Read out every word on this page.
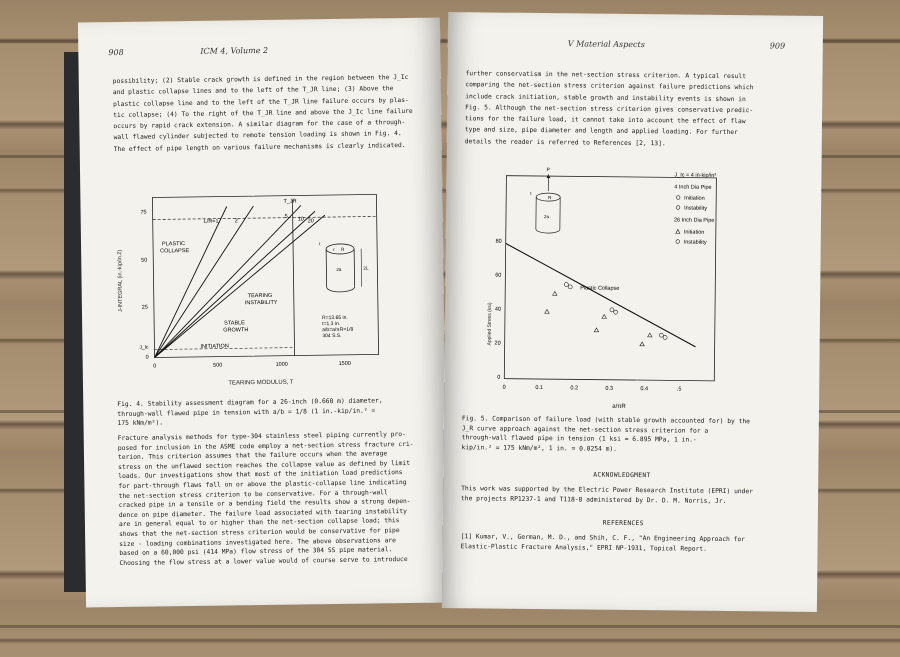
908	ICM 4, Volume 2
possibility; (2) Stable crack growth is defined in the region between the J_Ic
and plastic collapse lines and to the left of the T_JR line; (3) Above the
plastic collapse line and to the left of the T_JR line failure occurs by plas-
tic collapse; (4) To the right of the T_JR line and above the J_Ic line failure
occurs by rapid crack extension. A similar diagram for the case of a through-
wall flawed cylinder subjected to remote tension loading is shown in Fig. 4.
The effect of pipe length on various failure mechanisms is clearly indicated.
J-INTEGRAL (in.-kip/in.2)
TEARING MODULUS, T
75
50
25
J_Ic
0
0	500	1000	1500
T_JR
L/R=1	2
5 10 20
PLASTIC
COLLAPSE
TEARING
INSTABILITY
STABLE
GROWTH
INITIATION
R
r
2a	2L
t
R=13.65 in.
t=1.3 in.
a/b=a/πR=1/8
304 S.S.
Fig. 4. Stability assessment diagram for a 26-inch (0.660 m) diameter,
through-wall flawed pipe in tension with a/b = 1/8 (1 in.-kip/in.² =
175 kNm/m²).
Fracture analysis methods for type-304 stainless steel piping currently pro-
posed for inclusion in the ASME code employ a net-section stress fracture cri-
terion. This criterion assumes that the failure occurs when the average
stress on the unflawed section reaches the collapse value as defined by limit
loads. Our investigations show that most of the initiation load predictions
for part-through flaws fall on or above the plastic-collapse line indicating
the net-section stress criterion to be conservative. For a through-wall
cracked pipe in a tensile or a bending field the results show a strong depen-
dence on pipe diameter. The failure load associated with tearing instability
are in general equal to or higher than the net-section collapse load; this
shows that the net-section stress criterion would be conservative for pipe
size - loading combinations investigated here. The above observations are
based on a 60,000 psi (414 MPa) flow stress of the 304 SS pipe material.
Choosing the flow stress at a lower value would of course serve to introduce
V Material Aspects	909
further conservatism in the net-section stress criterion. A typical result
comparing the net-section stress criterion against failure predictions which
include crack initiation, stable growth and instability events is shown in
Fig. 5. Although the net-section stress criterion gives conservative predic-
tions for the failure load, it cannot take into account the effect of flaw
type and size, pipe diameter and length and applied loading. For further
details the reader is referred to References [2, 13].
Applied Stress (ksi)
a/πR
80
60
40
20
0
0	0.1	0.2	0.3	0.4	.5
J_Ic = 4 in-kip/in²
4 Inch Dia Pipe
Initiation
Instability
26 Inch Dia Pipe
Initiation
Instability
Plastic Collapse
P
R
t
2a
Fig. 5. Comparison of failure load (with stable growth accounted for) by the
J_R curve approach against the net-section stress criterion for a
through-wall flawed pipe in tension (1 ksi = 6.895 MPa, 1 in.-
kip/in.² = 175 kNm/m², 1 in. = 0.0254 m).
ACKNOWLEDGMENT
This work was supported by the Electric Power Research Institute (EPRI) under
the projects RP1237-1 and T118-8 administered by Dr. D. M. Norris, Jr.
REFERENCES
[1] Kumar, V., German, M. D., and Shih, C. F., "An Engineering Approach for
Elastic-Plastic Fracture Analysis," EPRI NP-1931, Topical Report.
